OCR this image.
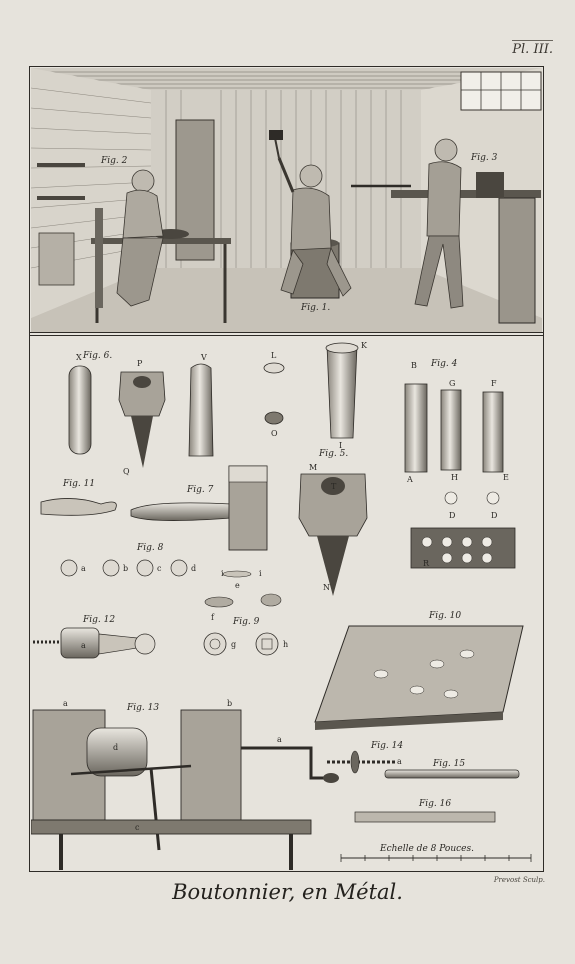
Pl. III.
Fig. 2
Fig. 1.
Fig. 3
Fig. 6.
X
P
Q
V	L
O
K
I
Fig. 4
B
A
G
H
F
E
D	D
Fig. 5.
M
T
N
Fig. 11
Fig. 7
Fig. 8
a	b	c	d
Fig. 9
i	i
e
f
g	h
R
Fig. 10
Fig. 12
a
Fig. 13
a
d
b
a
c
Fig. 14
a	Fig. 15
Fig. 16
Echelle de 8 Pouces.
Prevost Sculp.
Boutonnier, en Métal.
